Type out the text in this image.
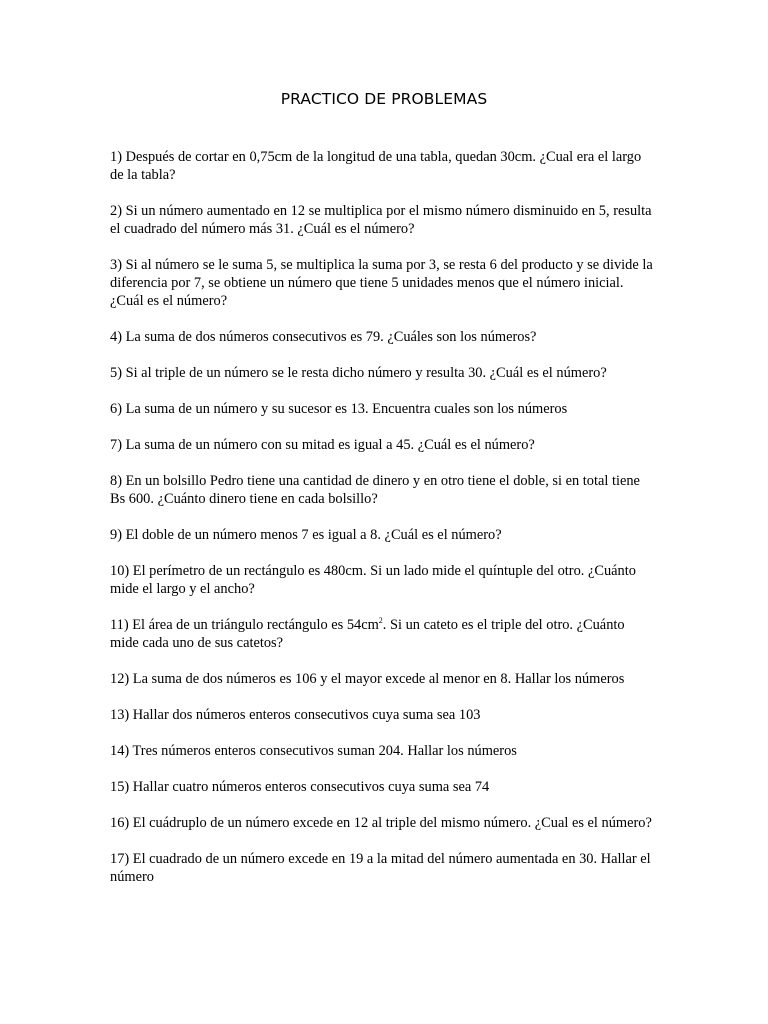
PRACTICO DE PROBLEMAS
1) Después de cortar en 0,75cm de la longitud de una tabla, quedan 30cm. ¿Cual era el largo de la tabla?
2) Si un número aumentado en 12 se multiplica por el mismo número disminuido en 5, resulta el cuadrado del número más 31. ¿Cuál es el número?
3) Si al número se le suma 5, se multiplica la suma por 3, se resta 6 del producto y se divide la diferencia por 7, se obtiene un número que tiene 5 unidades menos que el número inicial. ¿Cuál es el número?
4) La suma de dos números consecutivos es 79. ¿Cuáles son los números?
5) Si al triple de un número se le resta dicho número y resulta 30. ¿Cuál es el número?
6) La suma de un número y su sucesor es 13. Encuentra cuales son los números
7) La suma de un número con su mitad es igual a 45. ¿Cuál es el número?
8) En un bolsillo Pedro tiene una cantidad de dinero y en otro tiene el doble, si en total tiene Bs 600. ¿Cuánto dinero tiene en cada bolsillo?
9) El doble de un número menos 7 es igual a 8. ¿Cuál es el número?
10) El perímetro de un rectángulo es 480cm. Si un lado mide el quíntuple del otro. ¿Cuánto mide el largo y el ancho?
11) El área de un triángulo rectángulo es $54cm^2$. Si un cateto es el triple del otro. ¿Cuánto mide cada uno de sus catetos?
12) La suma de dos números es 106 y el mayor excede al menor en 8. Hallar los números
13) Hallar dos números enteros consecutivos cuya suma sea 103
14) Tres números enteros consecutivos suman 204. Hallar los números
15) Hallar cuatro números enteros consecutivos cuya suma sea 74
16) El cuádruplo de un número excede en 12 al triple del mismo número. ¿Cual es el número?
17) El cuadrado de un número excede en 19 a la mitad del número aumentada en 30. Hallar el número
